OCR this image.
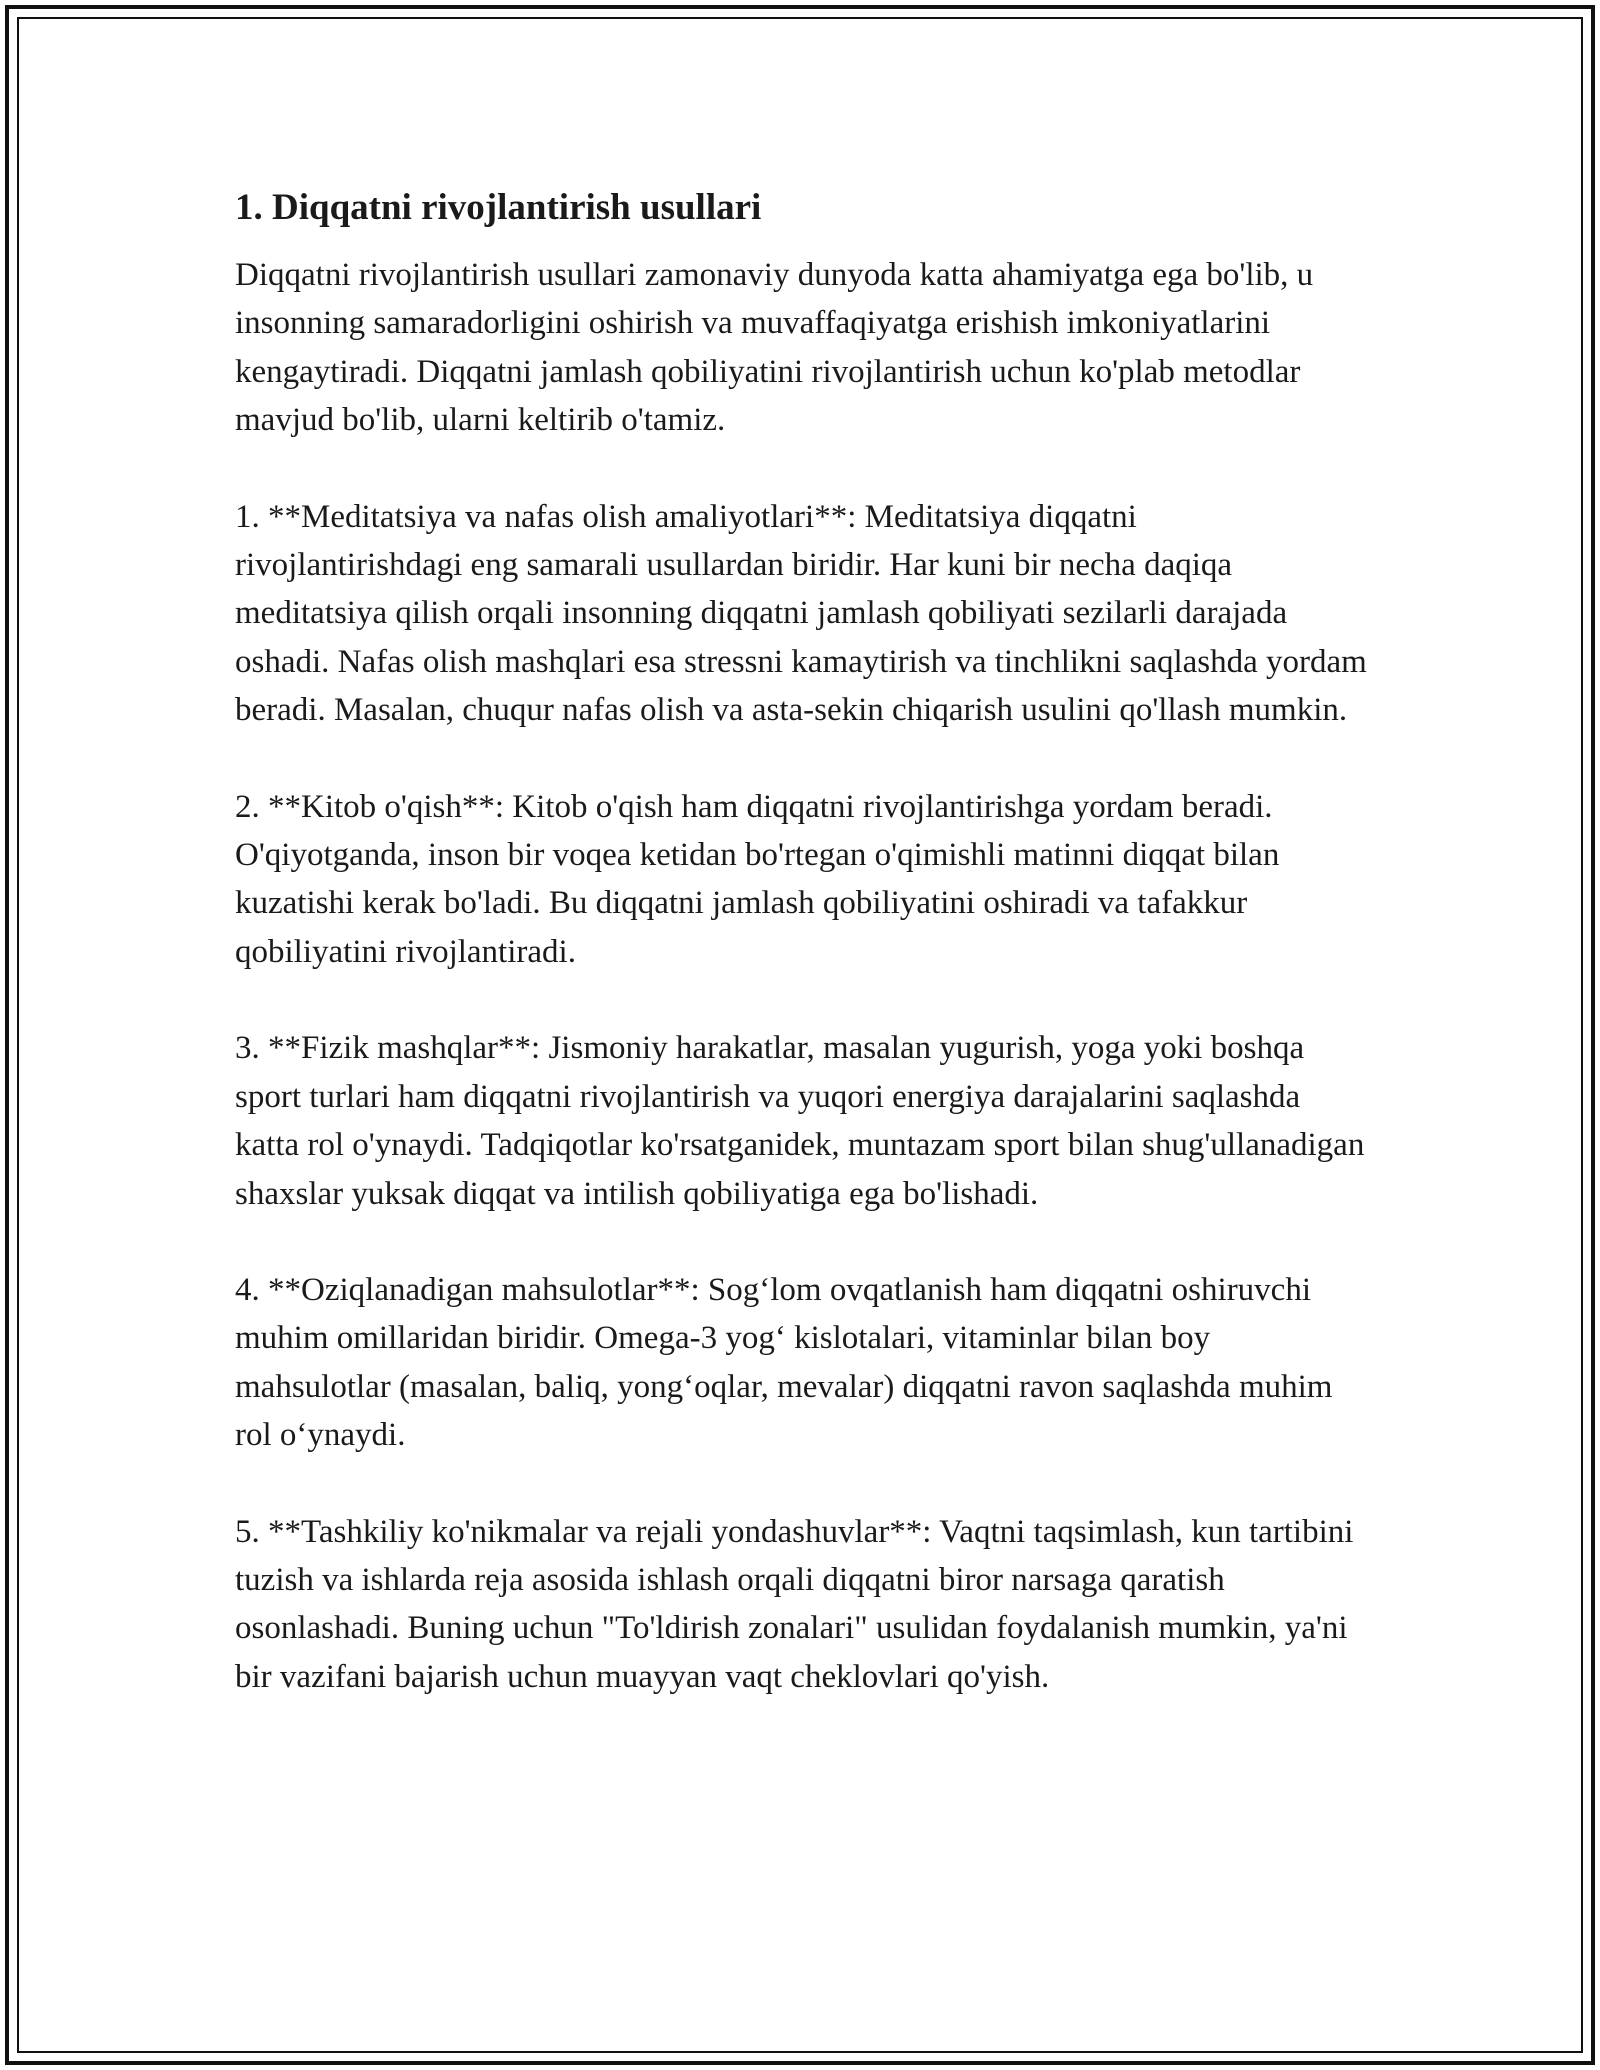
1. Diqqatni rivojlantirish usullari

Diqqatni rivojlantirish usullari zamonaviy dunyoda katta ahamiyatga ega bo'lib, u insonning samaradorligini oshirish va muvaffaqiyatga erishish imkoniyatlarini kengaytiradi. Diqqatni jamlash qobiliyatini rivojlantirish uchun ko'plab metodlar mavjud bo'lib, ularni keltirib o'tamiz.

1. **Meditatsiya va nafas olish amaliyotlari**: Meditatsiya diqqatni rivojlantirishdagi eng samarali usullardan biridir. Har kuni bir necha daqiqa meditatsiya qilish orqali insonning diqqatni jamlash qobiliyati sezilarli darajada oshadi. Nafas olish mashqlari esa stressni kamaytirish va tinchlikni saqlashda yordam beradi. Masalan, chuqur nafas olish va asta-sekin chiqarish usulini qo'llash mumkin.

2. **Kitob o'qish**: Kitob o'qish ham diqqatni rivojlantirishga yordam beradi. O'qiyotganda, inson bir voqea ketidan bo'rtegan o'qimishli matinni diqqat bilan kuzatishi kerak bo'ladi. Bu diqqatni jamlash qobiliyatini oshiradi va tafakkur qobiliyatini rivojlantiradi.

3. **Fizik mashqlar**: Jismoniy harakatlar, masalan yugurish, yoga yoki boshqa sport turlari ham diqqatni rivojlantirish va yuqori energiya darajalarini saqlashda katta rol o'ynaydi. Tadqiqotlar ko'rsatganidek, muntazam sport bilan shug'ullanadigan shaxslar yuksak diqqat va intilish qobiliyatiga ega bo'lishadi.

4. **Oziqlanadigan mahsulotlar**: Sog‘lom ovqatlanish ham diqqatni oshiruvchi muhim omillaridan biridir. Omega-3 yog‘ kislotalari, vitaminlar bilan boy mahsulotlar (masalan, baliq, yong‘oqlar, mevalar) diqqatni ravon saqlashda muhim rol o‘ynaydi.

5. **Tashkiliy ko'nikmalar va rejali yondashuvlar**: Vaqtni taqsimlash, kun tartibini tuzish va ishlarda reja asosida ishlash orqali diqqatni biror narsaga qaratish osonlashadi. Buning uchun "To'ldirish zonalari" usulidan foydalanish mumkin, ya'ni bir vazifani bajarish uchun muayyan vaqt cheklovlari qo'yish.
